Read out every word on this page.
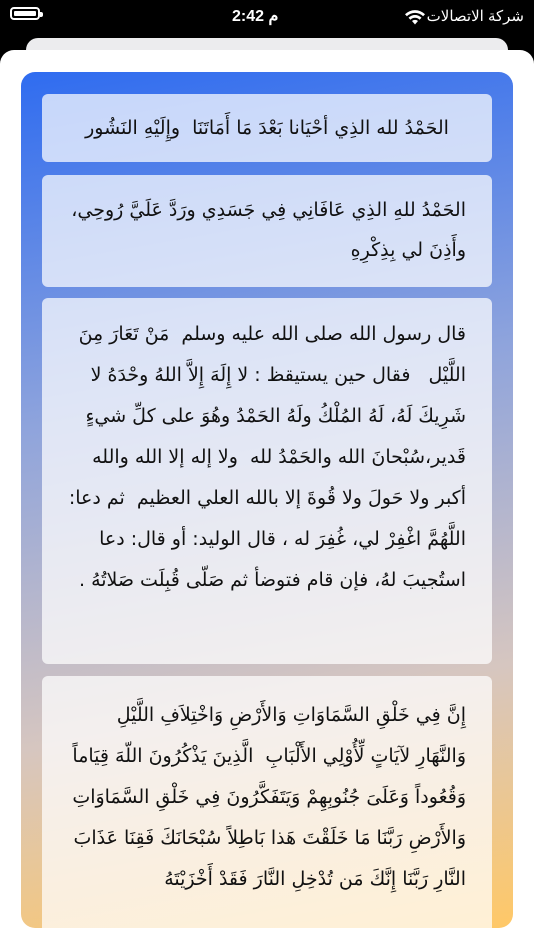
2:42 م	شركة الاتصالات
الحَمْدُ لله الذِي أحْيَانا بَعْدَ مَا أَمَاتَنَا  وإِلَيْهِ النَشُور
الحَمْدُ للهِ الذِي عَافَانِي فِي جَسَدِي ورَدَّ عَلَيَّ رُوحِي، وأَذِنَ لي بِذِكْرِهِ
قال رسول الله صلى الله عليه وسلم  مَنْ تَعَارَ مِنَ اللَّيْل   فقال حين يستيقظ : لا إِلَهَ إِلاَّ اللهُ وحْدَهُ لا شَرِيكَ لَهُ، لَهُ المُلْكُ ولَهُ الحَمْدُ وهُوَ على كلِّ شيءٍ قَدير،سُبْحانَ الله والحَمْدُ لله  ولا إله إلا الله والله أكبر ولا حَولَ ولا قُوةَ إلا بالله العلي العظيم  ثم دعا:  اللَّهُمَّ اغْفِرْ لي، غُفِرَ له ، قال الوليد: أو قال: دعا استُجيبَ لهُ، فإن قام فتوضأ ثم صَلّى قُبِلَت صَلاتُهُ .
إِنَّ فِي خَلْقِ السَّمَاوَاتِ وَالأَرْضِ وَاخْتِلاَفِ اللَّيْلِ وَالنَّهَارِ لآيَاتٍ لِّأُوْلِي الأَلْبَابِ  الَّذِينَ يَذْكُرُونَ اللّهَ قِيَاماً وَقُعُوداً وَعَلَىَ جُنُوبِهِمْ وَيَتَفَكَّرُونَ فِي خَلْقِ السَّمَاوَاتِ وَالأَرْضِ رَبَّنَا مَا خَلَقْتَ هَذا بَاطِلاً سُبْحَانَكَ فَقِنَا عَذَابَ النَّارِ رَبَّنَا إِنَّكَ مَن تُدْخِلِ النَّارَ فَقَدْ أَخْزَيْتَهُ
